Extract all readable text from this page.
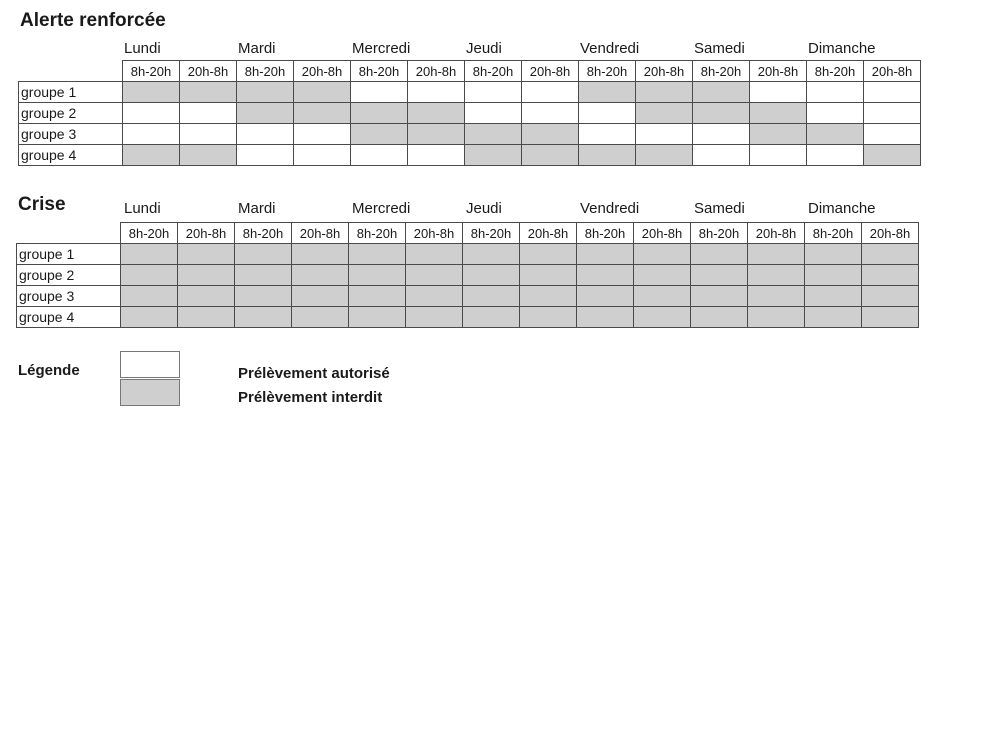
Alerte renforcée
Lundi	Mardi	Mercredi	Jeudi	Vendredi	Samedi	Dimanche
	8h-20h	20h-8h	8h-20h	20h-8h	8h-20h	20h-8h	8h-20h	20h-8h	8h-20h	20h-8h	8h-20h	20h-8h	8h-20h	20h-8h
groupe 1														
groupe 2														
groupe 3														
groupe 4														
Crise	Lundi	Mardi	Mercredi	Jeudi	Vendredi	Samedi	Dimanche
	8h-20h	20h-8h	8h-20h	20h-8h	8h-20h	20h-8h	8h-20h	20h-8h	8h-20h	20h-8h	8h-20h	20h-8h	8h-20h	20h-8h
groupe 1														
groupe 2														
groupe 3														
groupe 4														
Légende	Prélèvement autorisé
Prélèvement interdit
